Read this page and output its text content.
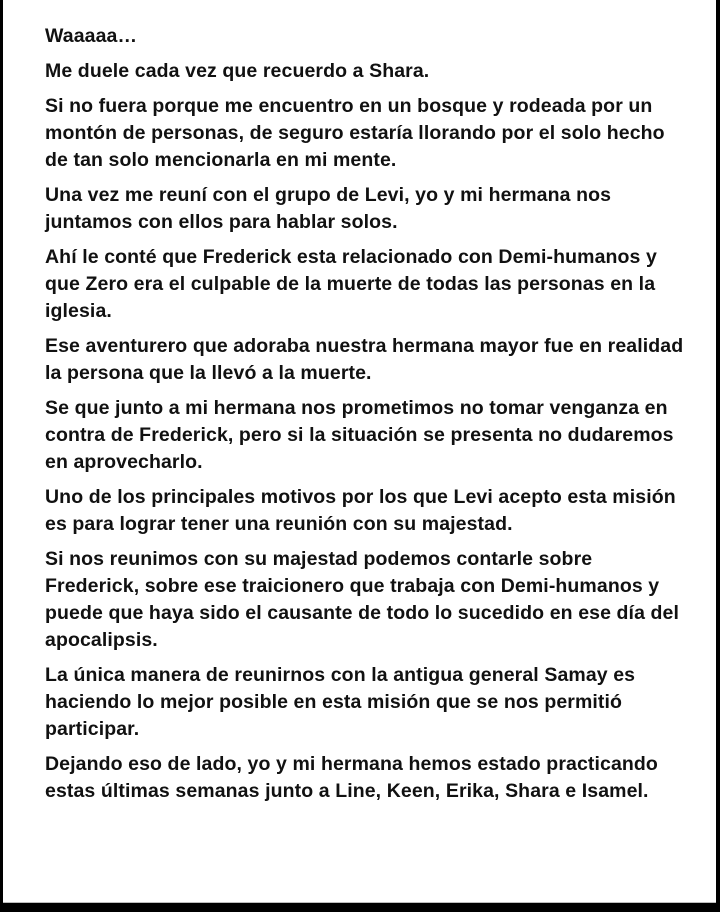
Waaaaa…

Me duele cada vez que recuerdo a Shara.

Si no fuera porque me encuentro en un bosque y rodeada por un montón de personas, de seguro estaría llorando por el solo hecho de tan solo mencionarla en mi mente.

Una vez me reuní con el grupo de Levi, yo y mi hermana nos juntamos con ellos para hablar solos.

Ahí le conté que Frederick esta relacionado con Demi-humanos y que Zero era el culpable de la muerte de todas las personas en la iglesia.

Ese aventurero que adoraba nuestra hermana mayor fue en realidad la persona que la llevó a la muerte.

Se que junto a mi hermana nos prometimos no tomar venganza en contra de Frederick, pero si la situación se presenta no dudaremos en aprovecharlo.

Uno de los principales motivos por los que Levi acepto esta misión es para lograr tener una reunión con su majestad.

Si nos reunimos con su majestad podemos contarle sobre Frederick, sobre ese traicionero que trabaja con Demi-humanos y puede que haya sido el causante de todo lo sucedido en ese día del apocalipsis.

La única manera de reunirnos con la antigua general Samay es haciendo lo mejor posible en esta misión que se nos permitió participar.

Dejando eso de lado, yo y mi hermana hemos estado practicando estas últimas semanas junto a Line, Keen, Erika, Shara e Isamel.
